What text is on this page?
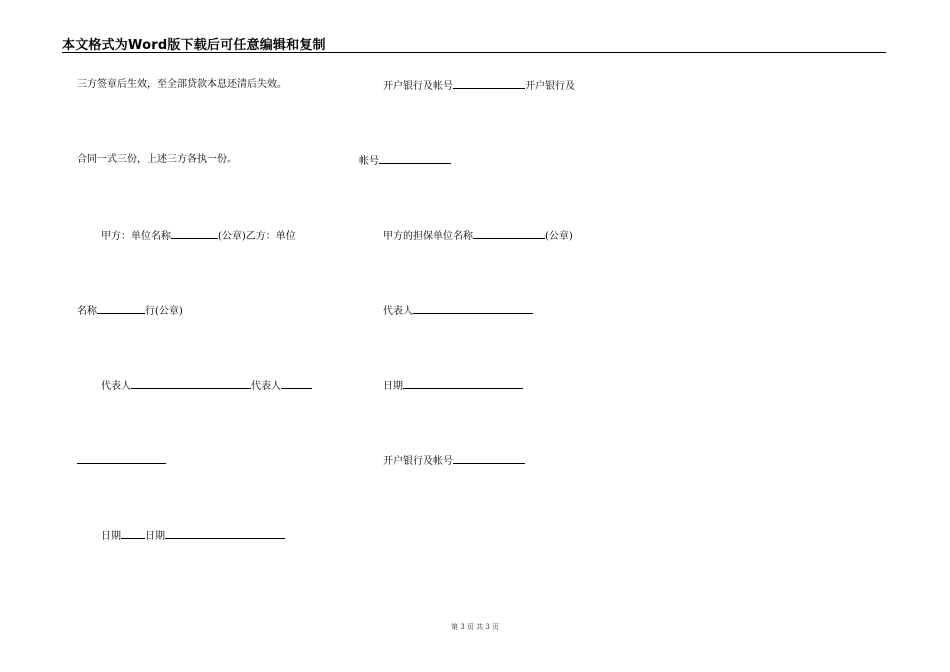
本文格式为Word版下载后可任意编辑和复制
三方签章后生效，至全部贷款本息还清后失效。
合同一式三份，上述三方各执一份。
甲方：单位名称	(公章)乙方：单位
名称	行(公章)
代表人	代表人
日期 日期
开户银行及帐号	开户银行及
帐号
甲方的担保单位名称	(公章)
代表人
日期
开户银行及帐号
第 3 页 共 3 页
